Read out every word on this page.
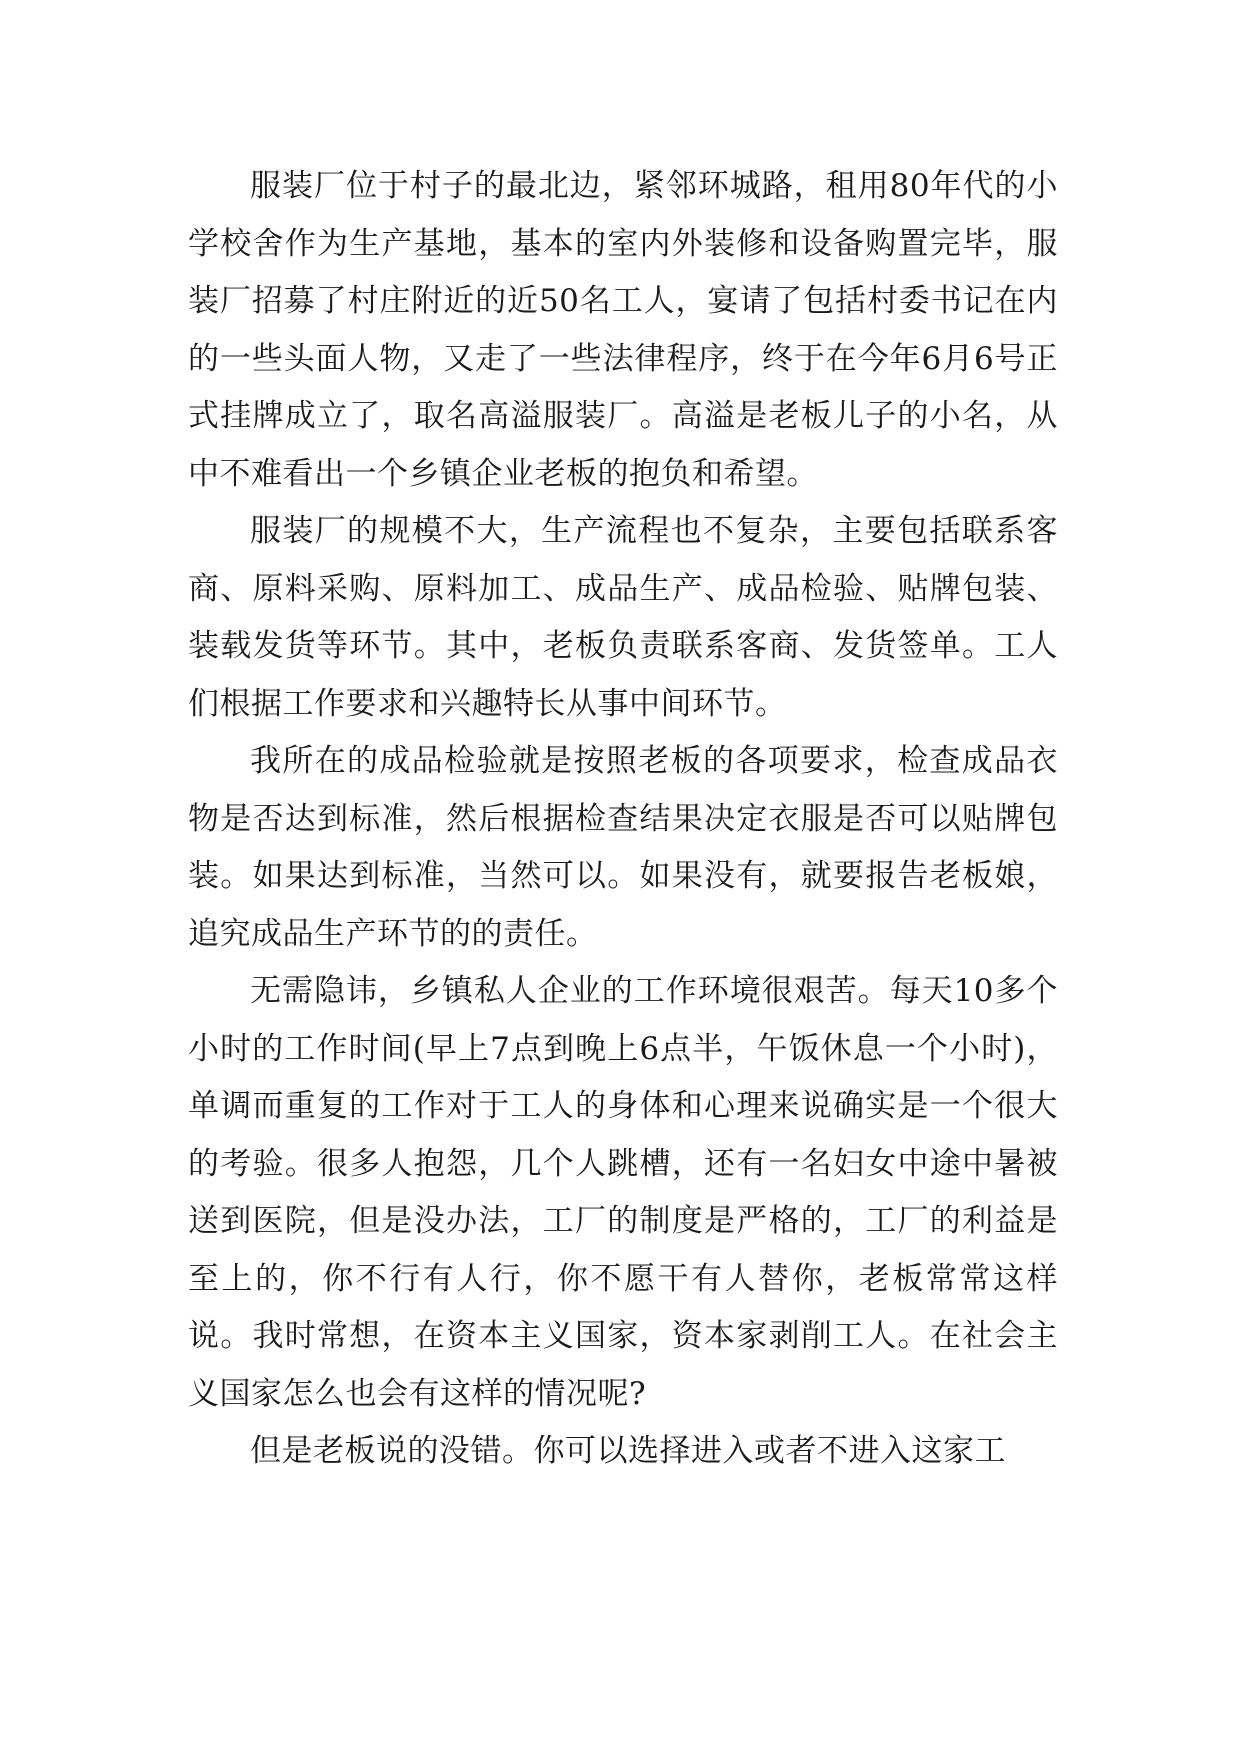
服装厂位于村子的最北边，紧邻环城路，租用80年代的小学校舍作为生产基地，基本的室内外装修和设备购置完毕，服装厂招募了村庄附近的近50名工人，宴请了包括村委书记在内的一些头面人物，又走了一些法律程序，终于在今年6月6号正式挂牌成立了，取名高溢服装厂。高溢是老板儿子的小名，从中不难看出一个乡镇企业老板的抱负和希望。

服装厂的规模不大，生产流程也不复杂，主要包括联系客商、原料采购、原料加工、成品生产、成品检验、贴牌包装、装载发货等环节。其中，老板负责联系客商、发货签单。工人们根据工作要求和兴趣特长从事中间环节。

我所在的成品检验就是按照老板的各项要求，检查成品衣物是否达到标准，然后根据检查结果决定衣服是否可以贴牌包装。如果达到标准，当然可以。如果没有，就要报告老板娘，追究成品生产环节的的责任。

无需隐讳，乡镇私人企业的工作环境很艰苦。每天10多个小时的工作时间(早上7点到晚上6点半，午饭休息一个小时)，单调而重复的工作对于工人的身体和心理来说确实是一个很大的考验。很多人抱怨，几个人跳槽，还有一名妇女中途中暑被送到医院，但是没办法，工厂的制度是严格的，工厂的利益是至上的，你不行有人行，你不愿干有人替你，老板常常这样说。我时常想，在资本主义国家，资本家剥削工人。在社会主义国家怎么也会有这样的情况呢?

但是老板说的没错。你可以选择进入或者不进入这家工
